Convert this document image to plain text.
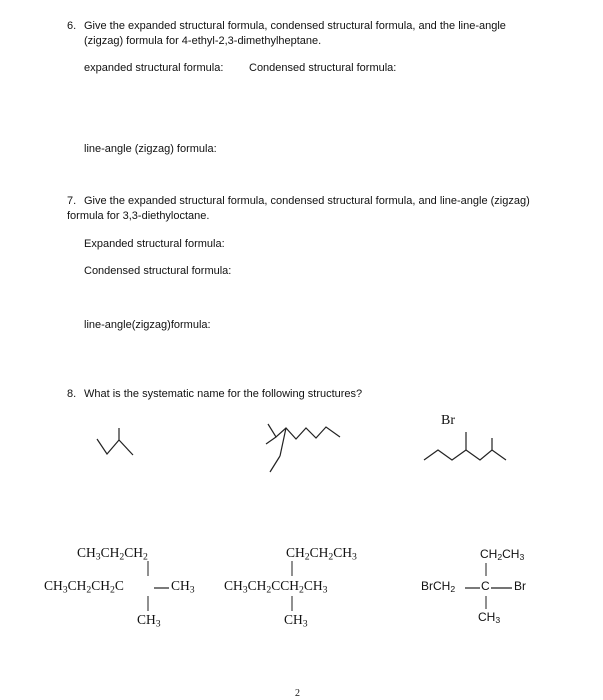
6. Give the expanded structural formula, condensed structural formula, and the line-angle

(zigzag) formula for 4-ethyl-2,3-dimethylheptane.

expanded structural formula: Condensed structural formula:

line-angle (zigzag) formula:

7. Give the expanded structural formula, condensed structural formula, and line-angle (zigzag)

formula for 3,3-diethyloctane.

Expanded structural formula:

Condensed structural formula:

line-angle(zigzag)formula:

8. What is the systematic name for the following structures?

Br

$CH_3CH_2CH_2$

$CH_3CH_2CH_2C$	$CH_3$

$CH_3$

$CH_2CH_2CH_3$

$CH_3CH_2CCH_2CH_3$

$CH_3$

$CH_2CH_3$

BrCH$_2$ C Br

$CH_3$

2
